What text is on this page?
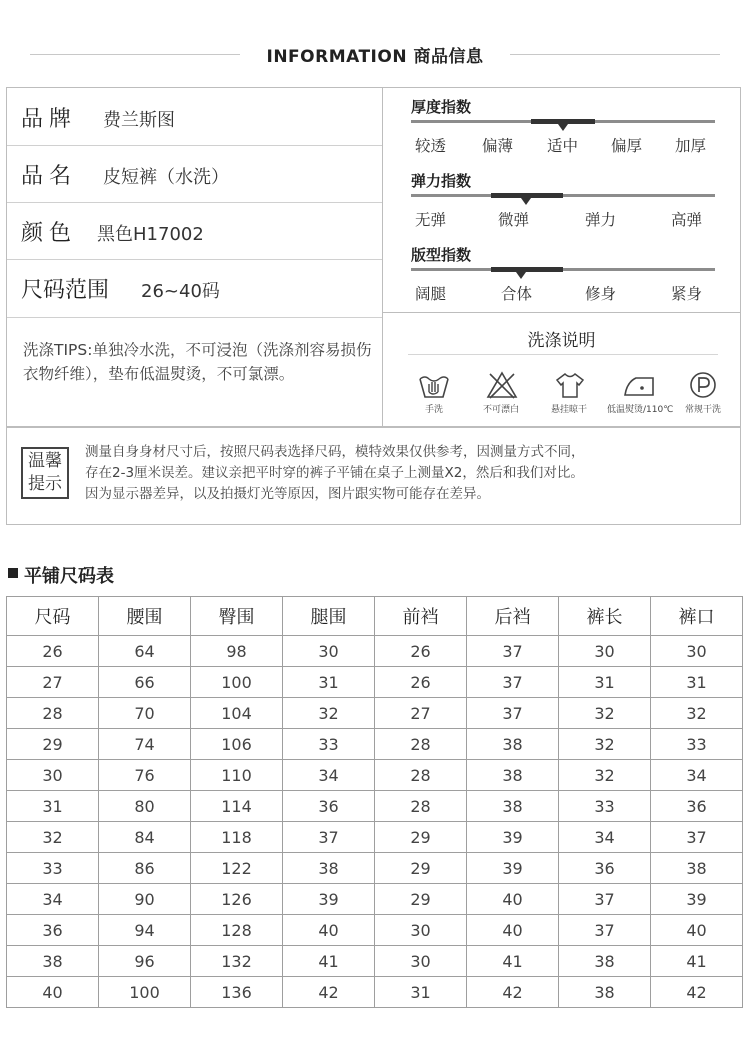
INFORMATION 商品信息
品牌 费兰斯图
品名 皮短裤（水洗）
颜色 黑色H17002
尺码范围 26~40码
洗涤TIPS:单独冷水洗，不可浸泡（洗涤剂容易损伤衣物纤维），垫布低温熨烫，不可氯漂。
厚度指数
较透 偏薄 适中 偏厚 加厚
弹力指数
无弹	微弹	弹力	高弹
版型指数
阔腿	合体	修身	紧身
洗涤说明
手洗	不可漂白	悬挂晾干 低温熨烫/110℃ 常规干洗
温馨
提示
测量自身身材尺寸后，按照尺码表选择尺码，模特效果仅供参考，因测量方式不同，
存在2-3厘米误差。建议亲把平时穿的裤子平铺在桌子上测量X2，然后和我们对比。
因为显示器差异，以及拍摄灯光等原因，图片跟实物可能存在差异。
平铺尺码表
尺码	腰围	臀围	腿围	前裆	后裆	裤长	裤口
26	64	98	30	26	37	30	30
27	66	100	31	26	37	31	31
28	70	104	32	27	37	32	32
29	74	106	33	28	38	32	33
30	76	110	34	28	38	32	34
31	80	114	36	28	38	33	36
32	84	118	37	29	39	34	37
33	86	122	38	29	39	36	38
34	90	126	39	29	40	37	39
36	94	128	40	30	40	37	40
38	96	132	41	30	41	38	41
40	100	136	42	31	42	38	42
